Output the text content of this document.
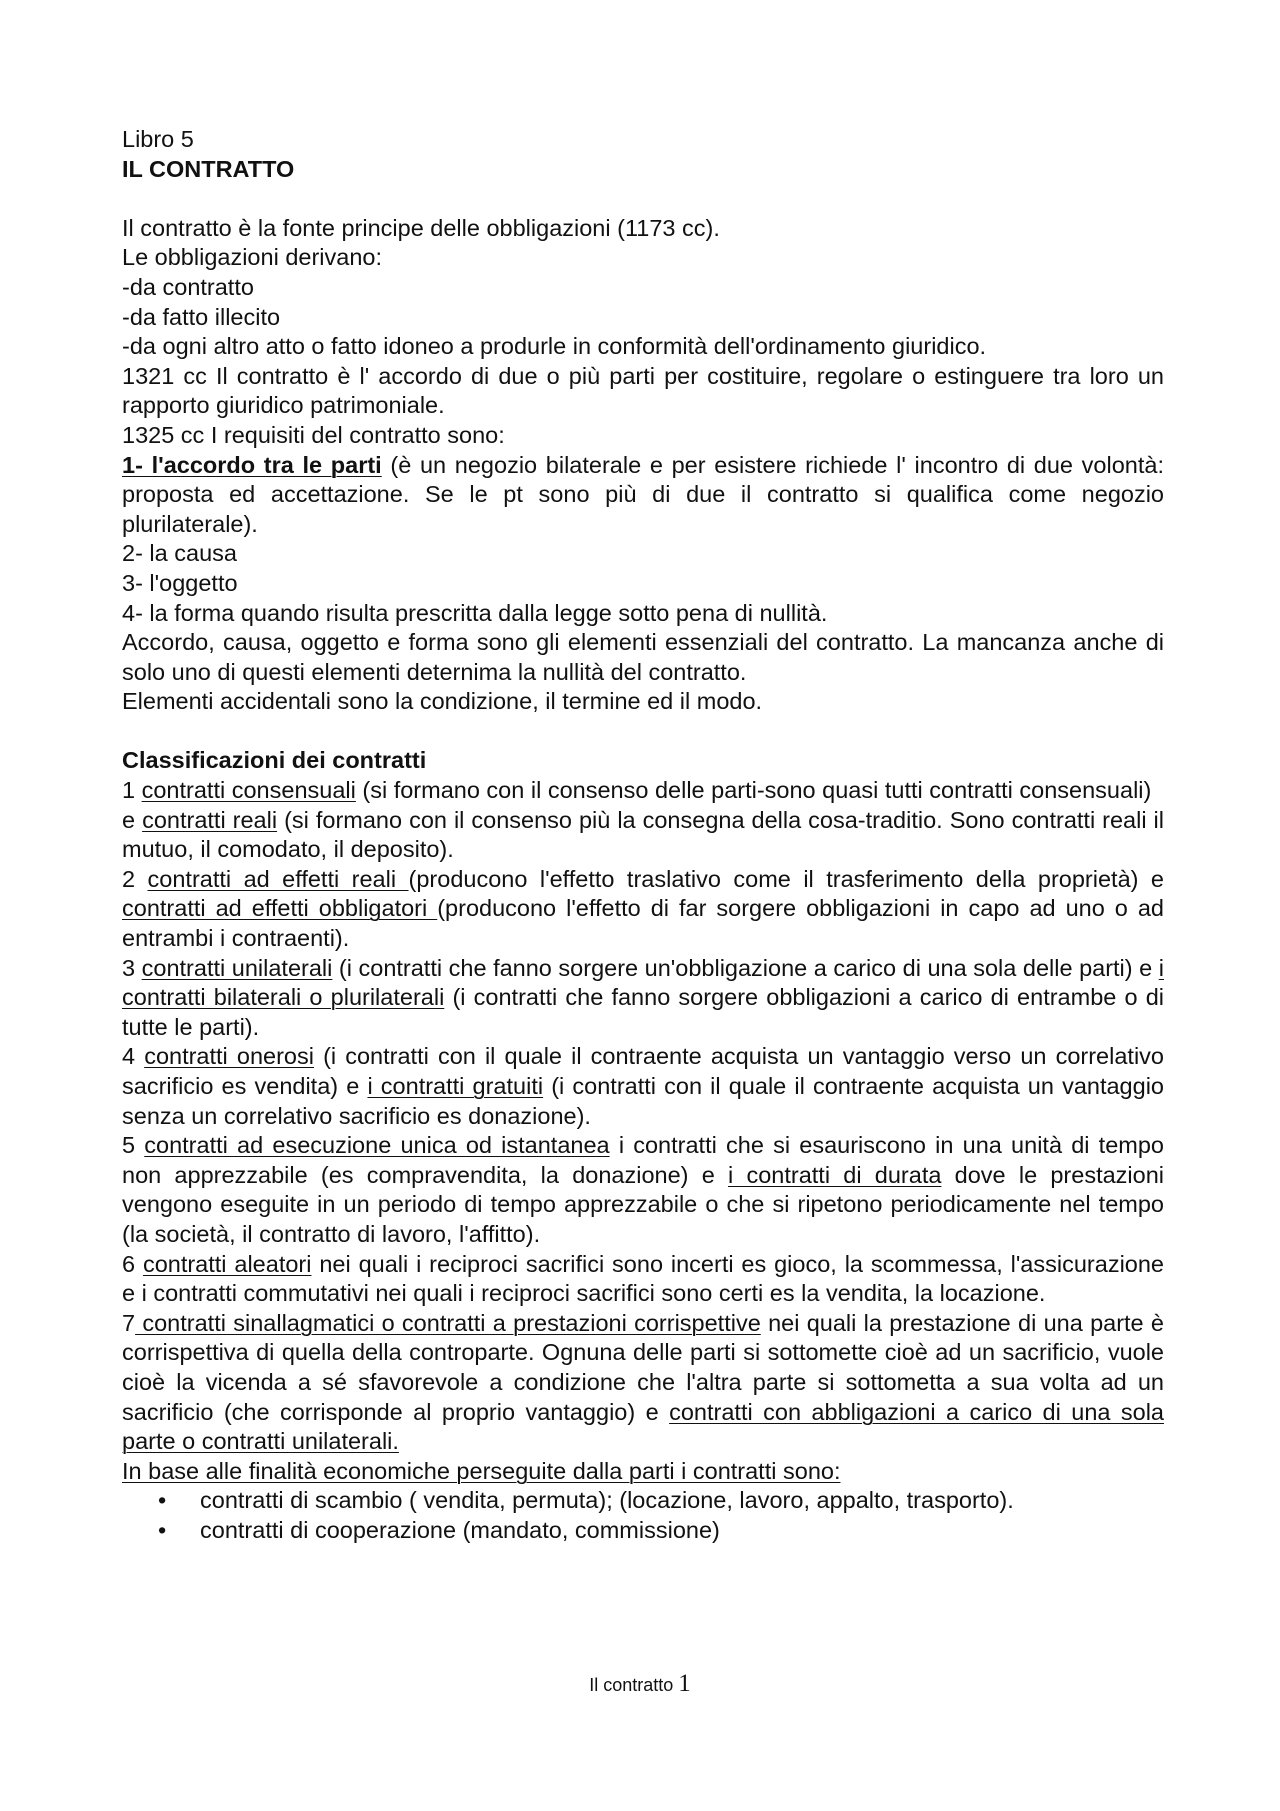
Libro 5

IL CONTRATTO

Il contratto è la fonte principe delle obbligazioni (1173 cc).

Le obbligazioni derivano:

-da contratto

-da fatto illecito

-da ogni altro atto o fatto idoneo a produrle in conformità dell'ordinamento giuridico.

1321 cc Il contratto è l' accordo di due o più parti per costituire, regolare o estinguere tra loro un rapporto giuridico patrimoniale.

1325 cc I requisiti del contratto sono:

1- l'accordo tra le parti (è un negozio bilaterale e per esistere richiede l' incontro di due volontà: proposta ed accettazione. Se le pt sono più di due il contratto si qualifica come negozio plurilaterale).

2- la causa

3- l'oggetto

4- la forma quando risulta prescritta dalla legge sotto pena di nullità.

Accordo, causa, oggetto e forma sono gli elementi essenziali del contratto. La mancanza anche di solo uno di questi elementi deternima la nullità del contratto.

Elementi accidentali sono la condizione, il termine ed il modo.

Classificazioni dei contratti

1 contratti consensuali (si formano con il consenso delle parti-sono quasi tutti contratti consensuali)

e contratti reali (si formano con il consenso più la consegna della cosa-traditio. Sono contratti reali il mutuo, il comodato, il deposito).

2 contratti ad effetti reali (producono l'effetto traslativo come il trasferimento della proprietà) e contratti ad effetti obbligatori (producono l'effetto di far sorgere obbligazioni in capo ad uno o ad entrambi i contraenti).

3 contratti unilaterali (i contratti che fanno sorgere un'obbligazione a carico di una sola delle parti) e i contratti bilaterali o plurilaterali (i contratti che fanno sorgere obbligazioni a carico di entrambe o di tutte le parti).

4 contratti onerosi (i contratti con il quale il contraente acquista un vantaggio verso un correlativo sacrificio es vendita) e i contratti gratuiti (i contratti con il quale il contraente acquista un vantaggio senza un correlativo sacrificio es donazione).

5 contratti ad esecuzione unica od istantanea i contratti che si esauriscono in una unità di tempo non apprezzabile (es compravendita, la donazione) e i contratti di durata dove le prestazioni vengono eseguite in un periodo di tempo apprezzabile o che si ripetono periodicamente nel tempo (la società, il contratto di lavoro, l'affitto).

6 contratti aleatori nei quali i reciproci sacrifici sono incerti es gioco, la scommessa, l'assicurazione e i contratti commutativi nei quali i reciproci sacrifici sono certi es la vendita, la locazione.

7 contratti sinallagmatici o contratti a prestazioni corrispettive nei quali la prestazione di una parte è corrispettiva di quella della controparte. Ognuna delle parti si sottomette cioè ad un sacrificio, vuole cioè la vicenda a sé sfavorevole a condizione che l'altra parte si sottometta a sua volta ad un sacrificio (che corrisponde al proprio vantaggio) e contratti con abbligazioni a carico di una sola parte o contratti unilaterali.

In base alle finalità economiche perseguite dalla parti i contratti sono:

• contratti di scambio ( vendita, permuta); (locazione, lavoro, appalto, trasporto).
• contratti di cooperazione (mandato, commissione)
Il contratto 1
